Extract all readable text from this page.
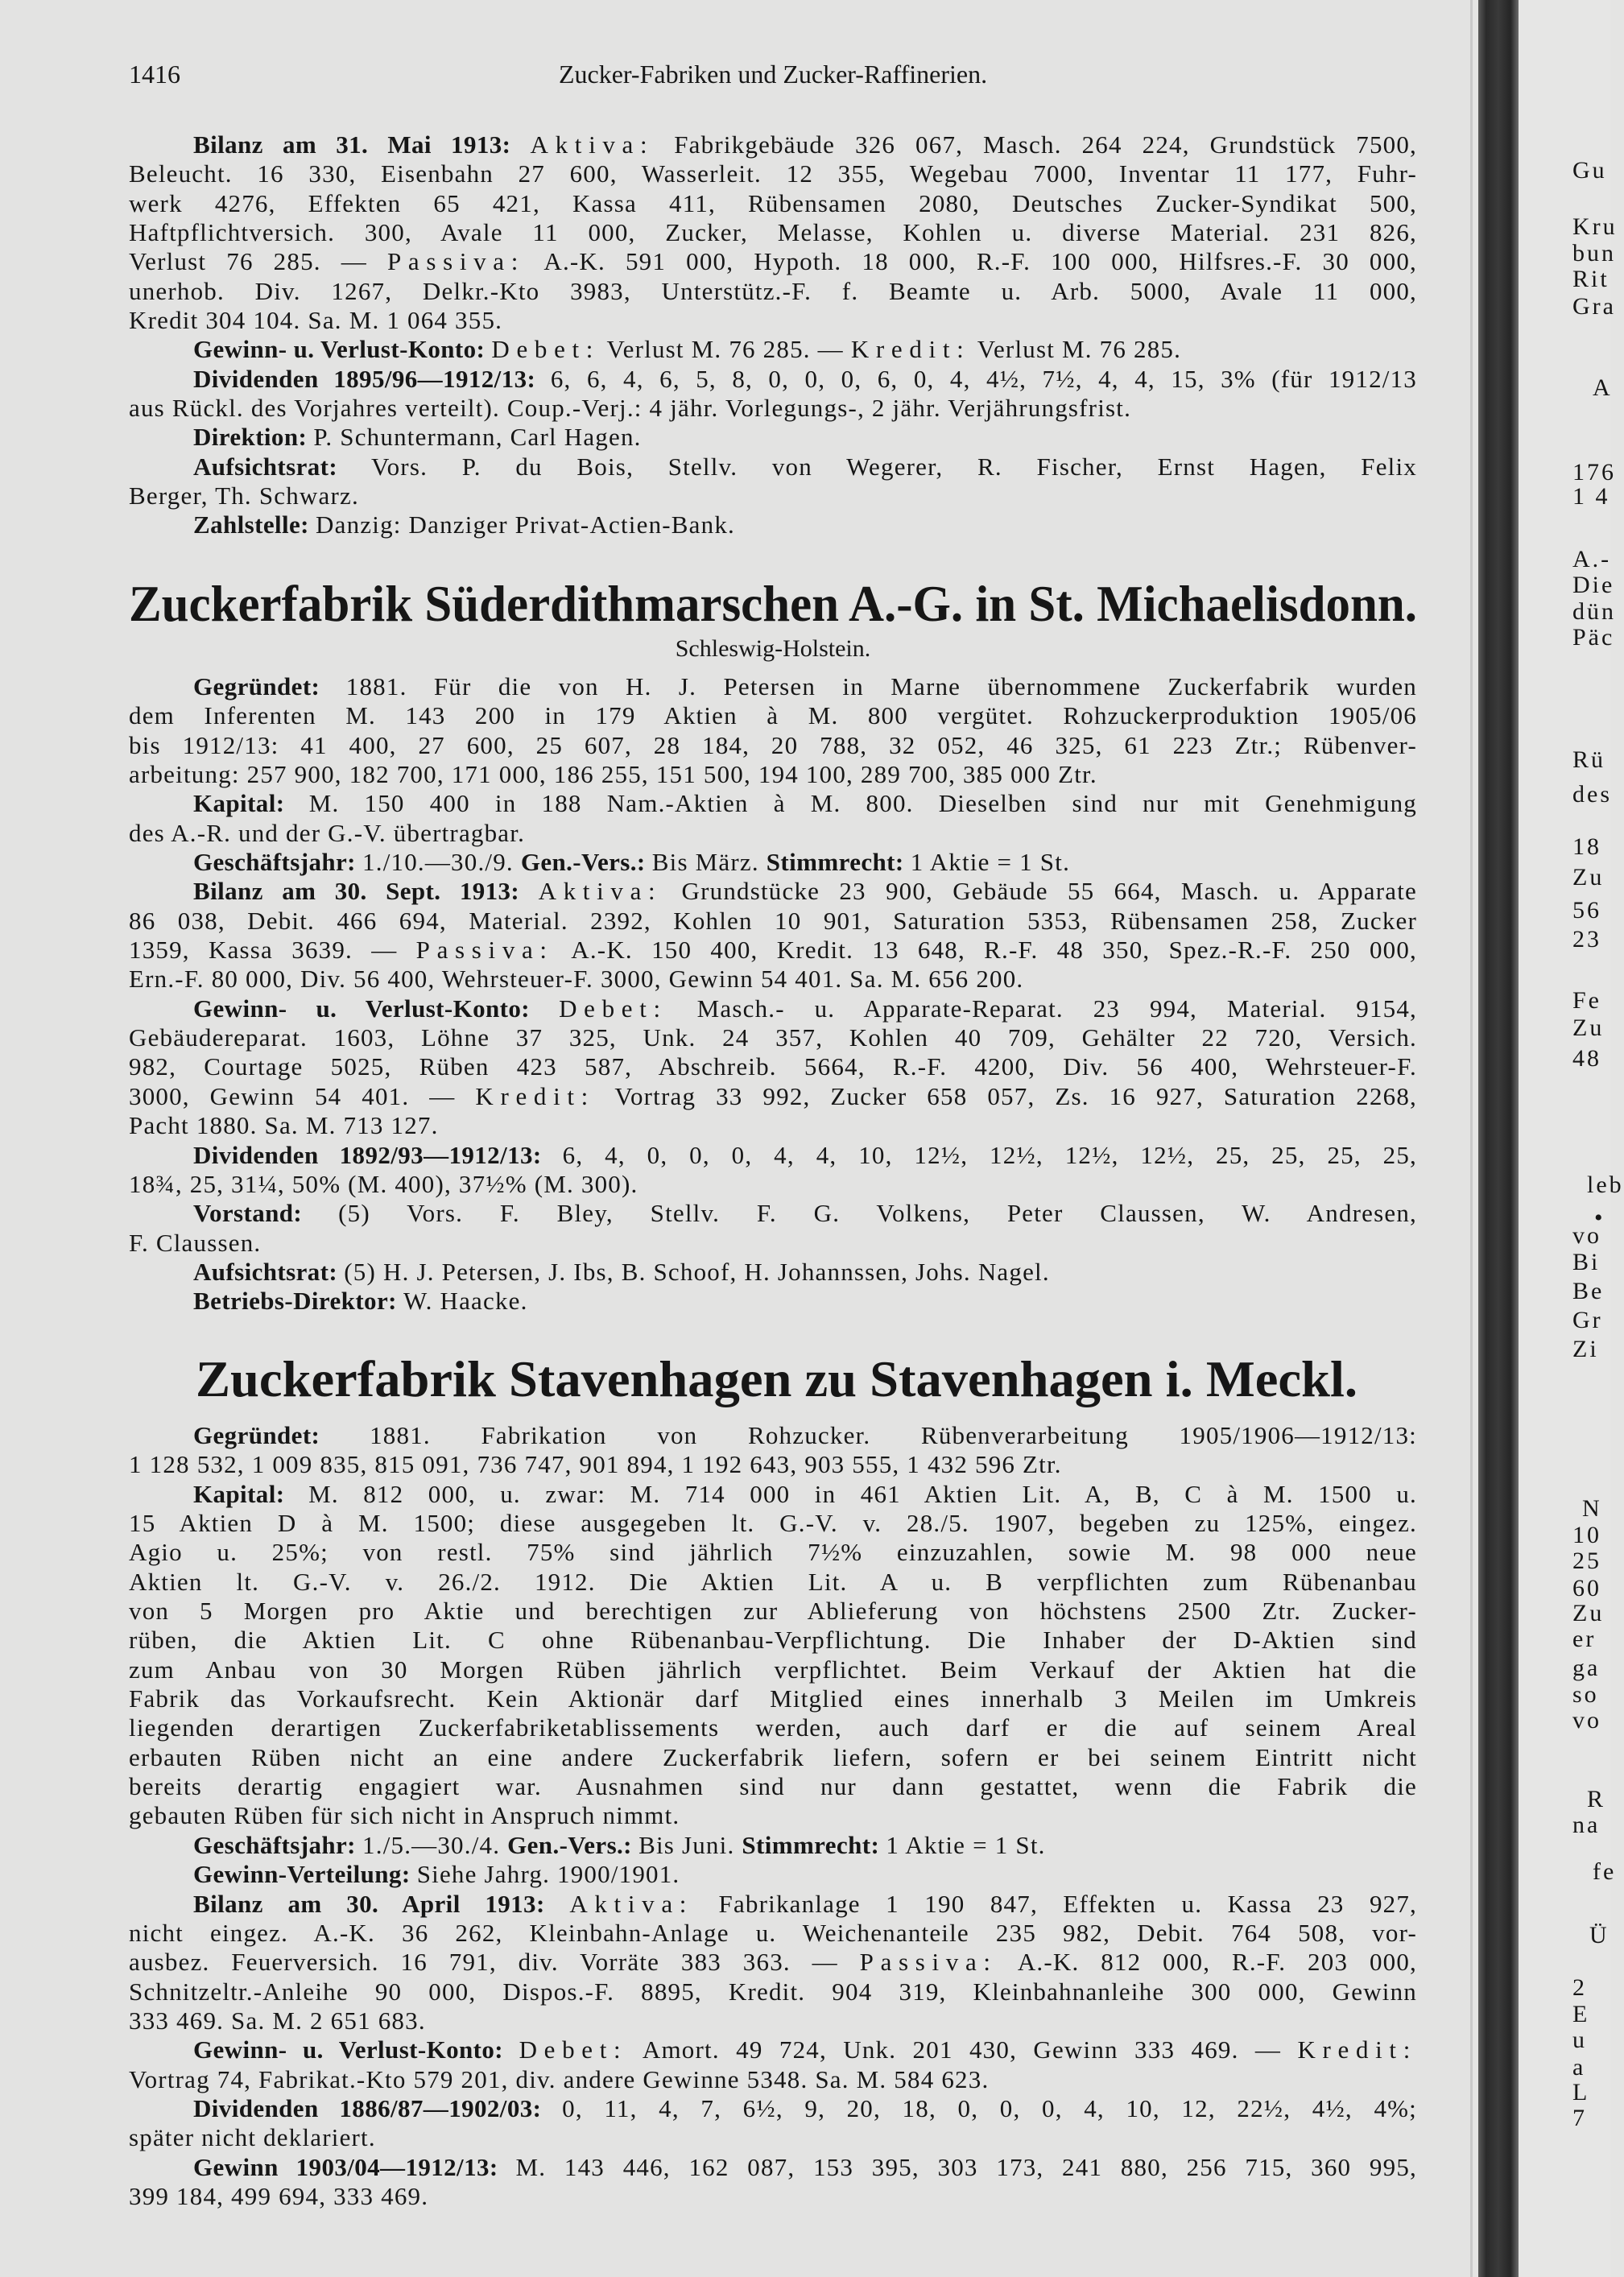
Zucker-Fabriken und Zucker-Raffinerien.
1416
Zuckerfabrik Süderdithmarschen A.-G. in St. Michaelisdonn.
Schleswig-Holstein.
Zuckerfabrik Stavenhagen zu Stavenhagen i. Meckl.
Bilanz am 31. Mai 1913: Aktiva: Fabrikgebäude 326 067, Masch. 264 224, Grundstück 7500,
Beleucht. 16 330, Eisenbahn 27 600, Wasserleit. 12 355, Wegebau 7000, Inventar 11 177, Fuhr-
werk 4276, Effekten 65 421, Kassa 411, Rübensamen 2080, Deutsches Zucker-Syndikat 500,
Haftpflichtversich. 300, Avale 11 000, Zucker, Melasse, Kohlen u. diverse Material. 231 826,
Verlust 76 285. — Passiva: A.-K. 591 000, Hypoth. 18 000, R.-F. 100 000, Hilfsres.-F. 30 000,
unerhob. Div. 1267, Delkr.-Kto 3983, Unterstütz.-F. f. Beamte u. Arb. 5000, Avale 11 000,
Kredit 304 104. Sa. M. 1 064 355.
Gewinn- u. Verlust-Konto: Debet: Verlust M. 76 285. — Kredit: Verlust M. 76 285.
Dividenden 1895/96—1912/13: 6, 6, 4, 6, 5, 8, 0, 0, 0, 6, 0, 4, 4½, 7½, 4, 4, 15, 3% (für 1912/13
aus Rückl. des Vorjahres verteilt). Coup.-Verj.: 4 jähr. Vorlegungs-, 2 jähr. Verjährungsfrist.
Direktion: P. Schuntermann, Carl Hagen.
Aufsichtsrat: Vors. P. du Bois, Stellv. von Wegerer, R. Fischer, Ernst Hagen, Felix
Berger, Th. Schwarz.
Zahlstelle: Danzig: Danziger Privat-Actien-Bank.
Gegründet: 1881. Für die von H. J. Petersen in Marne übernommene Zuckerfabrik wurden
dem Inferenten M. 143 200 in 179 Aktien à M. 800 vergütet. Rohzuckerproduktion 1905/06
bis 1912/13: 41 400, 27 600, 25 607, 28 184, 20 788, 32 052, 46 325, 61 223 Ztr.; Rübenver-
arbeitung: 257 900, 182 700, 171 000, 186 255, 151 500, 194 100, 289 700, 385 000 Ztr.
Kapital: M. 150 400 in 188 Nam.-Aktien à M. 800. Dieselben sind nur mit Genehmigung
des A.-R. und der G.-V. übertragbar.
Geschäftsjahr: 1./10.—30./9. Gen.-Vers.: Bis März. Stimmrecht: 1 Aktie = 1 St.
Bilanz am 30. Sept. 1913: Aktiva: Grundstücke 23 900, Gebäude 55 664, Masch. u. Apparate
86 038, Debit. 466 694, Material. 2392, Kohlen 10 901, Saturation 5353, Rübensamen 258, Zucker
1359, Kassa 3639. — Passiva: A.-K. 150 400, Kredit. 13 648, R.-F. 48 350, Spez.-R.-F. 250 000,
Ern.-F. 80 000, Div. 56 400, Wehrsteuer-F. 3000, Gewinn 54 401. Sa. M. 656 200.
Gewinn- u. Verlust-Konto: Debet: Masch.- u. Apparate-Reparat. 23 994, Material. 9154,
Gebäudereparat. 1603, Löhne 37 325, Unk. 24 357, Kohlen 40 709, Gehälter 22 720, Versich.
982, Courtage 5025, Rüben 423 587, Abschreib. 5664, R.-F. 4200, Div. 56 400, Wehrsteuer-F.
3000, Gewinn 54 401. — Kredit: Vortrag 33 992, Zucker 658 057, Zs. 16 927, Saturation 2268,
Pacht 1880. Sa. M. 713 127.
Dividenden 1892/93—1912/13: 6, 4, 0, 0, 0, 4, 4, 10, 12½, 12½, 12½, 12½, 25, 25, 25, 25,
18¾, 25, 31¼, 50% (M. 400), 37½% (M. 300).
Vorstand: (5) Vors. F. Bley, Stellv. F. G. Volkens, Peter Claussen, W. Andresen,
F. Claussen.
Aufsichtsrat: (5) H. J. Petersen, J. Ibs, B. Schoof, H. Johannssen, Johs. Nagel.
Betriebs-Direktor: W. Haacke.
Gegründet: 1881. Fabrikation von Rohzucker. Rübenverarbeitung 1905/1906—1912/13:
1 128 532, 1 009 835, 815 091, 736 747, 901 894, 1 192 643, 903 555, 1 432 596 Ztr.
Kapital: M. 812 000, u. zwar: M. 714 000 in 461 Aktien Lit. A, B, C à M. 1500 u.
15 Aktien D à M. 1500; diese ausgegeben lt. G.-V. v. 28./5. 1907, begeben zu 125%, eingez.
Agio u. 25%; von restl. 75% sind jährlich 7½% einzuzahlen, sowie M. 98 000 neue
Aktien lt. G.-V. v. 26./2. 1912. Die Aktien Lit. A u. B verpflichten zum Rübenanbau
von 5 Morgen pro Aktie und berechtigen zur Ablieferung von höchstens 2500 Ztr. Zucker-
rüben, die Aktien Lit. C ohne Rübenanbau-Verpflichtung. Die Inhaber der D-Aktien sind
zum Anbau von 30 Morgen Rüben jährlich verpflichtet. Beim Verkauf der Aktien hat die
Fabrik das Vorkaufsrecht. Kein Aktionär darf Mitglied eines innerhalb 3 Meilen im Umkreis
liegenden derartigen Zuckerfabriketablissements werden, auch darf er die auf seinem Areal
erbauten Rüben nicht an eine andere Zuckerfabrik liefern, sofern er bei seinem Eintritt nicht
bereits derartig engagiert war. Ausnahmen sind nur dann gestattet, wenn die Fabrik die
gebauten Rüben für sich nicht in Anspruch nimmt.
Geschäftsjahr: 1./5.—30./4. Gen.-Vers.: Bis Juni. Stimmrecht: 1 Aktie = 1 St.
Gewinn-Verteilung: Siehe Jahrg. 1900/1901.
Bilanz am 30. April 1913: Aktiva: Fabrikanlage 1 190 847, Effekten u. Kassa 23 927,
nicht eingez. A.-K. 36 262, Kleinbahn-Anlage u. Weichenanteile 235 982, Debit. 764 508, vor-
ausbez. Feuerversich. 16 791, div. Vorräte 383 363. — Passiva: A.-K. 812 000, R.-F. 203 000,
Schnitzeltr.-Anleihe 90 000, Dispos.-F. 8895, Kredit. 904 319, Kleinbahnanleihe 300 000, Gewinn
333 469. Sa. M. 2 651 683.
Gewinn- u. Verlust-Konto: Debet: Amort. 49 724, Unk. 201 430, Gewinn 333 469. — Kredit:
Vortrag 74, Fabrikat.-Kto 579 201, div. andere Gewinne 5348. Sa. M. 584 623.
Dividenden 1886/87—1902/03: 0, 11, 4, 7, 6½, 9, 20, 18, 0, 0, 0, 4, 10, 12, 22½, 4½, 4%;
später nicht deklariert.
Gewinn 1903/04—1912/13: M. 143 446, 162 087, 153 395, 303 173, 241 880, 256 715, 360 995,
399 184, 499 694, 333 469.
Gu
Kru
bun
Rit
Gra
A
176
1 4
A.-
Die
dün
Päc
Rü
des
18
Zu
56
23
Fe
Zu
48
leb
•
vo
Bi
Be
Gr
Zi
N
10
25
60
Zu
er
ga
so
vo
R
na
fe
Ü
2
E
u
a
L
7
